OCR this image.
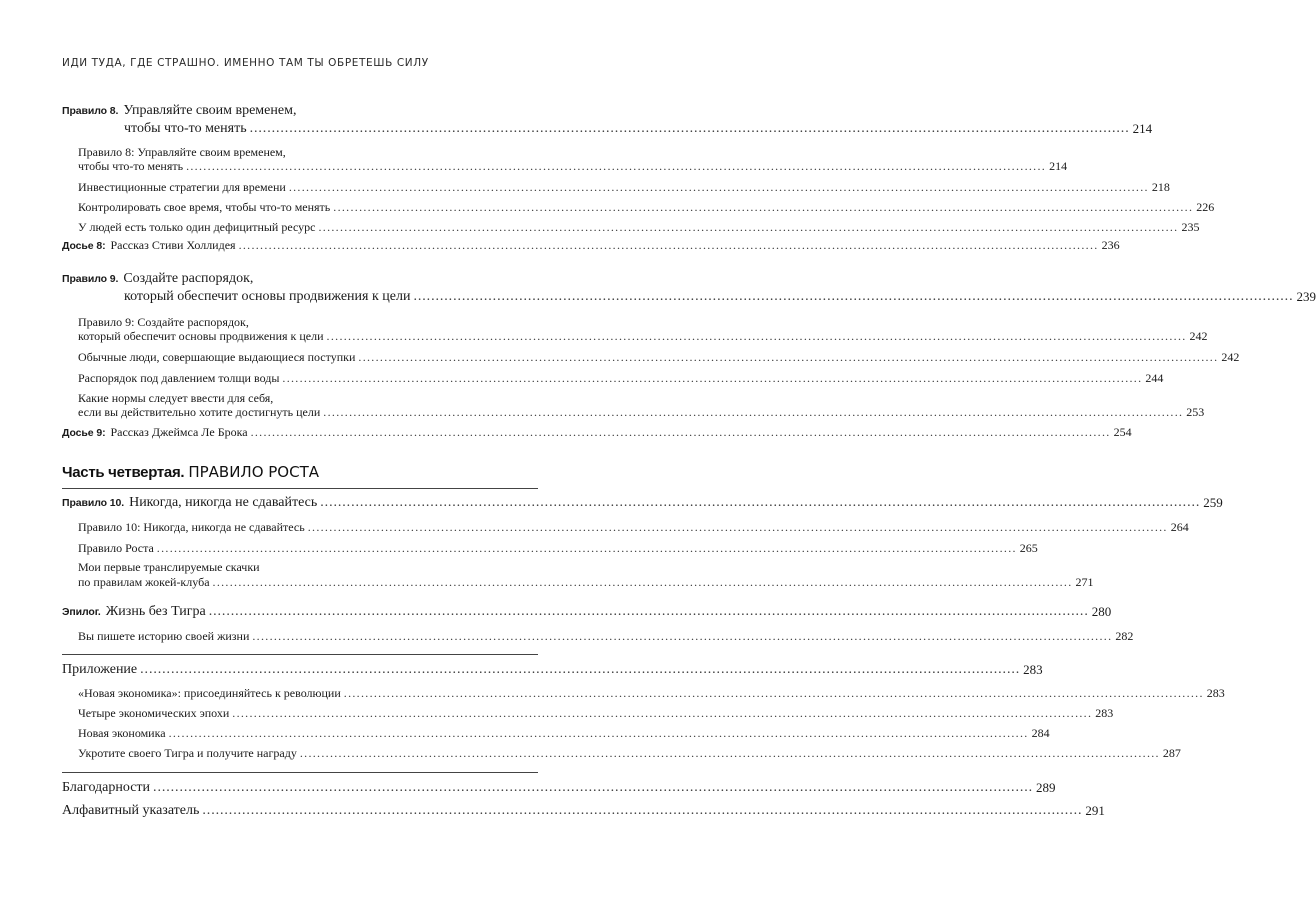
ИДИ ТУДА, ГДЕ СТРАШНО. ИМЕННО ТАМ ТЫ ОБРЕТЕШЬ СИЛУ
Правило 8. Управляйте своим временем,
чтобы что-то менять ........................................................................................................................................................................................................ 214
Правило 8: Управляйте своим временем,
чтобы что-то менять ........................................................................................................................................................................................................ 214
Инвестиционные стратегии для времени ........................................................................................................................................................................................................ 218
Контролировать свое время, чтобы что-то менять ........................................................................................................................................................................................................ 226
У людей есть только один дефицитный ресурс ........................................................................................................................................................................................................ 235
Досье 8: Рассказ Стиви Холлидея ........................................................................................................................................................................................................ 236
Правило 9. Создайте распорядок,
который обеспечит основы продвижения к цели ........................................................................................................................................................................................................ 239
Правило 9: Создайте распорядок,
который обеспечит основы продвижения к цели ........................................................................................................................................................................................................ 242
Обычные люди, совершающие выдающиеся поступки ........................................................................................................................................................................................................ 242
Распорядок под давлением толщи воды ........................................................................................................................................................................................................ 244
Какие нормы следует ввести для себя,
если вы действительно хотите достигнуть цели ........................................................................................................................................................................................................ 253
Досье 9: Рассказ Джеймса Ле Брока ........................................................................................................................................................................................................ 254
Часть четвертая. ПРАВИЛО РОСТА
Правило 10. Никогда, никогда не сдавайтесь ........................................................................................................................................................................................................ 259
Правило 10: Никогда, никогда не сдавайтесь ........................................................................................................................................................................................................ 264
Правило Роста ........................................................................................................................................................................................................ 265
Мои первые транслируемые скачки
по правилам жокей-клуба ........................................................................................................................................................................................................ 271
Эпилог. Жизнь без Тигра ........................................................................................................................................................................................................ 280
Вы пишете историю своей жизни ........................................................................................................................................................................................................ 282
Приложение ........................................................................................................................................................................................................ 283
«Новая экономика»: присоединяйтесь к революции ........................................................................................................................................................................................................ 283
Четыре экономических эпохи ........................................................................................................................................................................................................ 283
Новая экономика ........................................................................................................................................................................................................ 284
Укротите своего Тигра и получите награду ........................................................................................................................................................................................................ 287
Благодарности ........................................................................................................................................................................................................ 289
Алфавитный указатель ........................................................................................................................................................................................................ 291
